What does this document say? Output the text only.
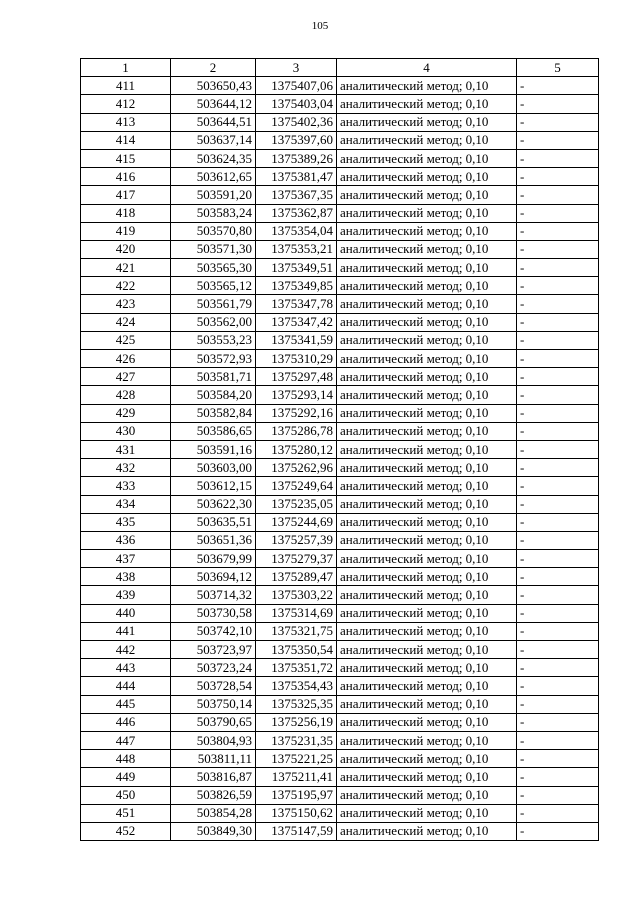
105
1	2	3	4	5
411	503650,43	1375407,06	аналитический метод; 0,10	-
412	503644,12	1375403,04	аналитический метод; 0,10	-
413	503644,51	1375402,36	аналитический метод; 0,10	-
414	503637,14	1375397,60	аналитический метод; 0,10	-
415	503624,35	1375389,26	аналитический метод; 0,10	-
416	503612,65	1375381,47	аналитический метод; 0,10	-
417	503591,20	1375367,35	аналитический метод; 0,10	-
418	503583,24	1375362,87	аналитический метод; 0,10	-
419	503570,80	1375354,04	аналитический метод; 0,10	-
420	503571,30	1375353,21	аналитический метод; 0,10	-
421	503565,30	1375349,51	аналитический метод; 0,10	-
422	503565,12	1375349,85	аналитический метод; 0,10	-
423	503561,79	1375347,78	аналитический метод; 0,10	-
424	503562,00	1375347,42	аналитический метод; 0,10	-
425	503553,23	1375341,59	аналитический метод; 0,10	-
426	503572,93	1375310,29	аналитический метод; 0,10	-
427	503581,71	1375297,48	аналитический метод; 0,10	-
428	503584,20	1375293,14	аналитический метод; 0,10	-
429	503582,84	1375292,16	аналитический метод; 0,10	-
430	503586,65	1375286,78	аналитический метод; 0,10	-
431	503591,16	1375280,12	аналитический метод; 0,10	-
432	503603,00	1375262,96	аналитический метод; 0,10	-
433	503612,15	1375249,64	аналитический метод; 0,10	-
434	503622,30	1375235,05	аналитический метод; 0,10	-
435	503635,51	1375244,69	аналитический метод; 0,10	-
436	503651,36	1375257,39	аналитический метод; 0,10	-
437	503679,99	1375279,37	аналитический метод; 0,10	-
438	503694,12	1375289,47	аналитический метод; 0,10	-
439	503714,32	1375303,22	аналитический метод; 0,10	-
440	503730,58	1375314,69	аналитический метод; 0,10	-
441	503742,10	1375321,75	аналитический метод; 0,10	-
442	503723,97	1375350,54	аналитический метод; 0,10	-
443	503723,24	1375351,72	аналитический метод; 0,10	-
444	503728,54	1375354,43	аналитический метод; 0,10	-
445	503750,14	1375325,35	аналитический метод; 0,10	-
446	503790,65	1375256,19	аналитический метод; 0,10	-
447	503804,93	1375231,35	аналитический метод; 0,10	-
448	503811,11	1375221,25	аналитический метод; 0,10	-
449	503816,87	1375211,41	аналитический метод; 0,10	-
450	503826,59	1375195,97	аналитический метод; 0,10	-
451	503854,28	1375150,62	аналитический метод; 0,10	-
452	503849,30	1375147,59	аналитический метод; 0,10	-
